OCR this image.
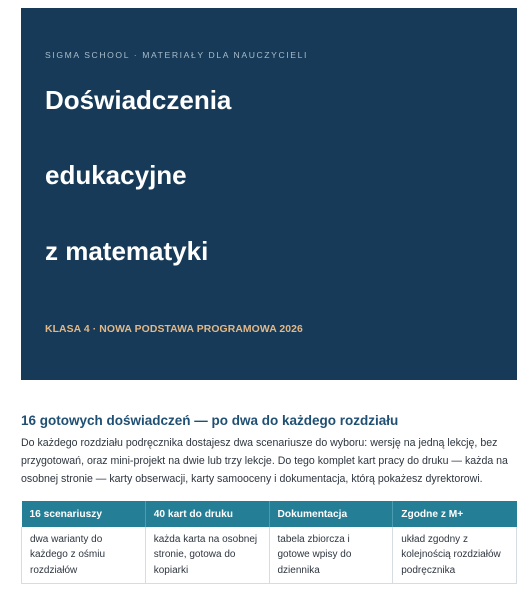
SIGMA SCHOOL · MATERIAŁY DLA NAUCZYCIELI
Doświadczenia
edukacyjne
z matematyki
KLASA 4 · NOWA PODSTAWA PROGRAMOWA 2026
16 gotowych doświadczeń — po dwa do każdego rozdziału

Do każdego rozdziału podręcznika dostajesz dwa scenariusze do wyboru: wersję na jedną lekcję, bez przygotowań, oraz mini-projekt na dwie lub trzy lekcje. Do tego komplet kart pracy do druku — każda na osobnej stronie — karty obserwacji, karty samooceny i dokumentacja, którą pokażesz dyrektorowi.

16 scenariuszy	40 kart do druku	Dokumentacja	Zgodne z M+
dwa warianty do każdego z ośmiu rozdziałów	każda karta na osobnej stronie, gotowa do kopiarki	tabela zbiorcza i gotowe wpisy do dziennika	układ zgodny z kolejnością rozdziałów podręcznika
